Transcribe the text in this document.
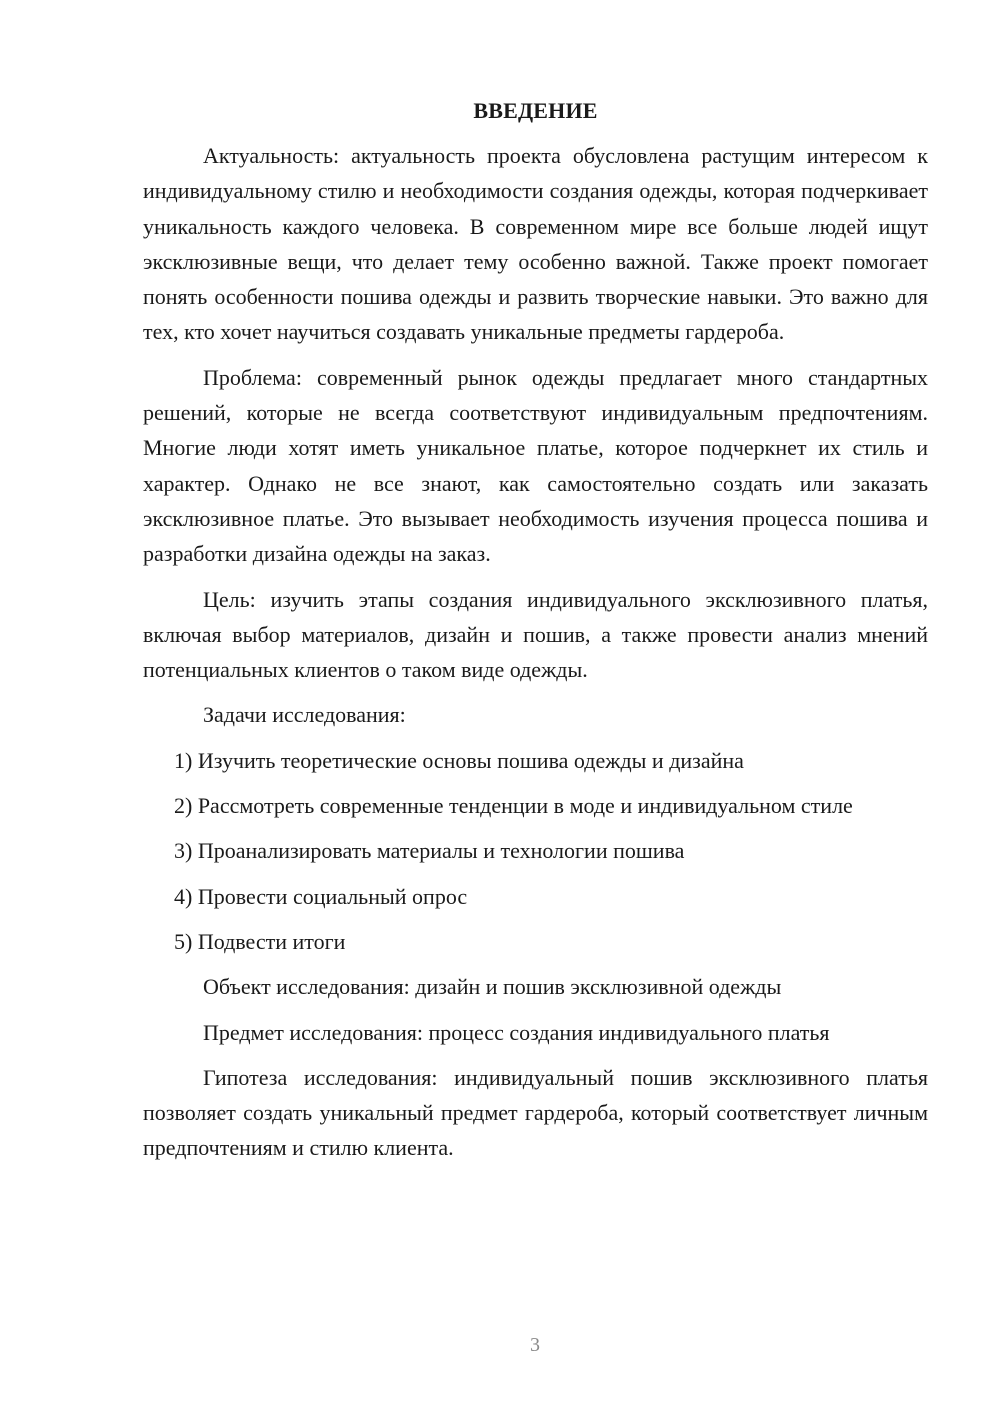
ВВЕДЕНИЕ

Актуальность: актуальность проекта обусловлена растущим интересом к индивидуальному стилю и необходимости создания одежды, которая подчеркивает уникальность каждого человека. В современном мире все больше людей ищут эксклюзивные вещи, что делает тему особенно важной. Также проект помогает понять особенности пошива одежды и развить творческие навыки. Это важно для тех, кто хочет научиться создавать уникальные предметы гардероба.

Проблема: современный рынок одежды предлагает много стандартных решений, которые не всегда соответствуют индивидуальным предпочтениям. Многие люди хотят иметь уникальное платье, которое подчеркнет их стиль и характер. Однако не все знают, как самостоятельно создать или заказать эксклюзивное платье. Это вызывает необходимость изучения процесса пошива и разработки дизайна одежды на заказ.

Цель: изучить этапы создания индивидуального эксклюзивного платья, включая выбор материалов, дизайн и пошив, а также провести анализ мнений потенциальных клиентов о таком виде одежды.

Задачи исследования:

1) Изучить теоретические основы пошива одежды и дизайна

2) Рассмотреть современные тенденции в моде и индивидуальном стиле

3) Проанализировать материалы и технологии пошива

4) Провести социальный опрос

5) Подвести итоги

Объект исследования: дизайн и пошив эксклюзивной одежды

Предмет исследования: процесс создания индивидуального платья

Гипотеза исследования: индивидуальный пошив эксклюзивного платья позволяет создать уникальный предмет гардероба, который соответствует личным предпочтениям и стилю клиента.

3
